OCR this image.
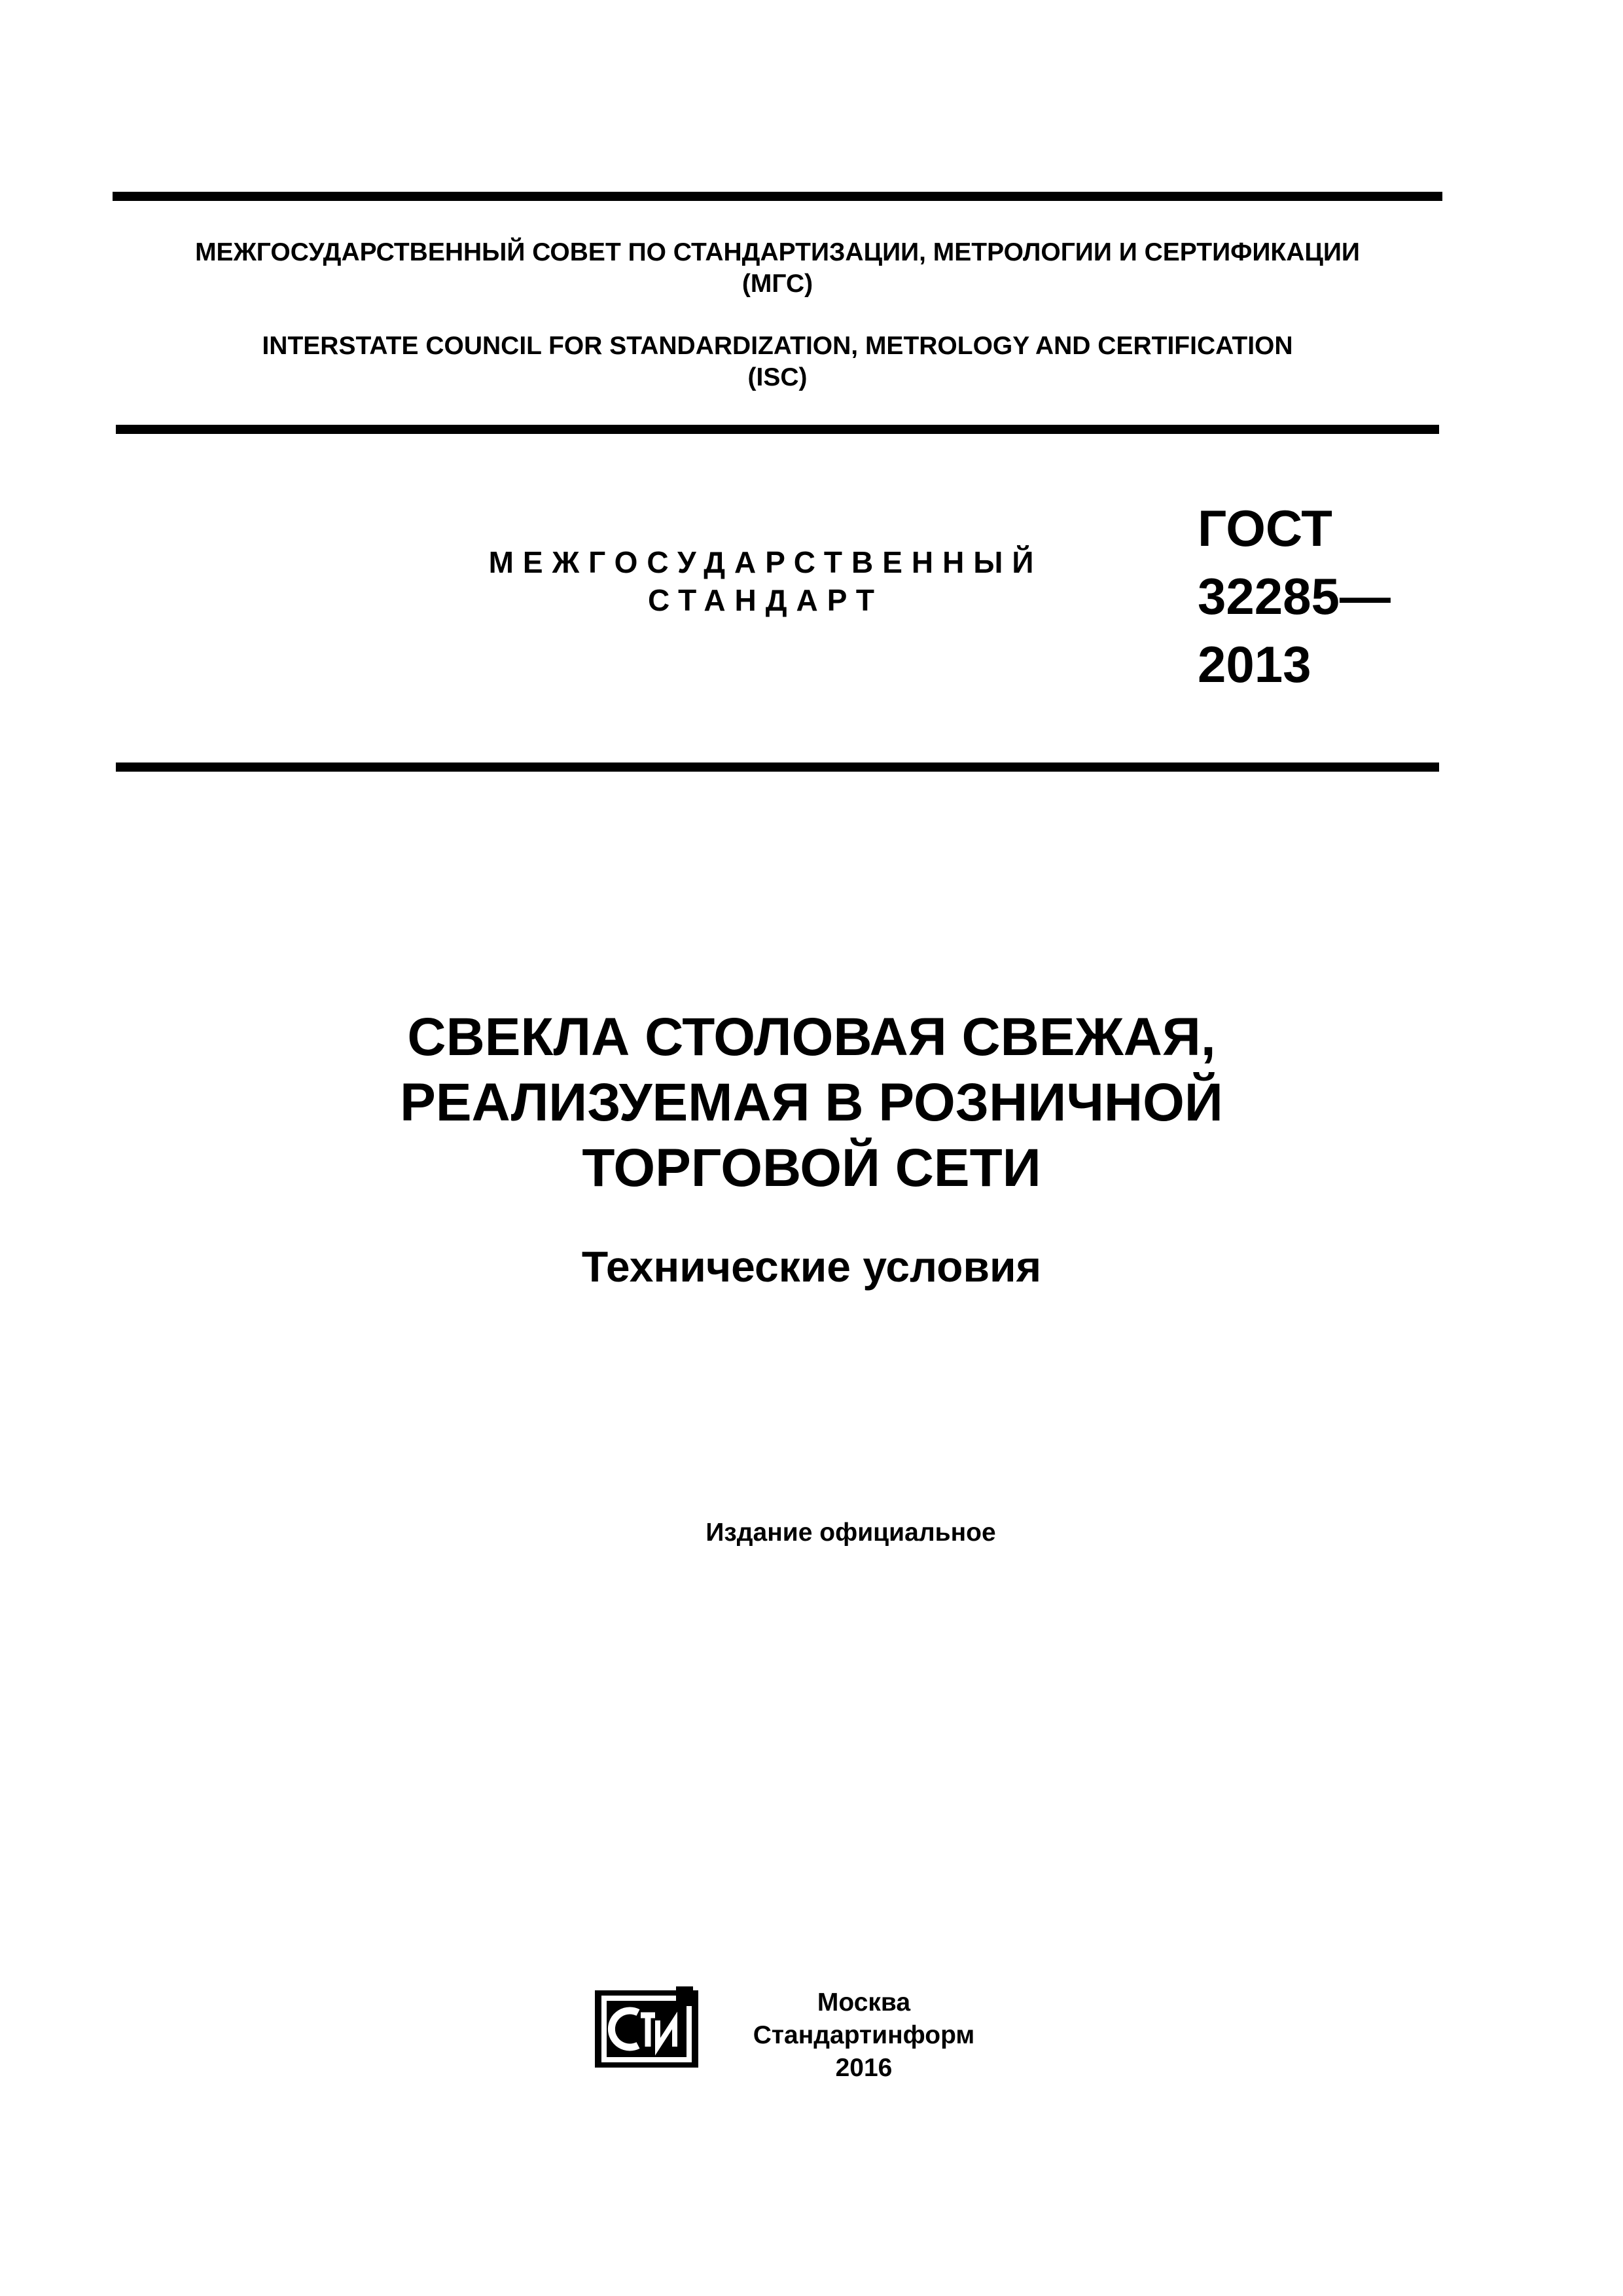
МЕЖГОСУДАРСТВЕННЫЙ СОВЕТ ПО СТАНДАРТИЗАЦИИ, МЕТРОЛОГИИ И СЕРТИФИКАЦИИ
(МГС)
INTERSTATE COUNCIL FOR STANDARDIZATION, METROLOGY AND CERTIFICATION
(ISC)
МЕЖГОСУДАРСТВЕННЫЙ
СТАНДАРТ
ГОСТ
32285—
2013
СВЕКЛА СТОЛОВАЯ СВЕЖАЯ,
РЕАЛИЗУЕМАЯ В РОЗНИЧНОЙ
ТОРГОВОЙ СЕТИ
Технические условия
Издание официальное
Москва
Стандартинформ
2016
